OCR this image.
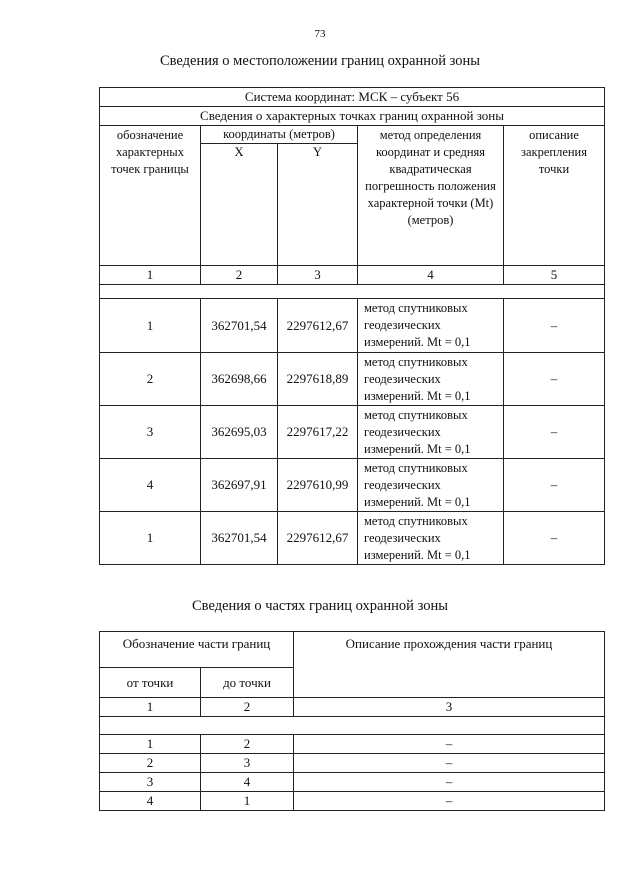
73
Сведения о местоположении границ охранной зоны
Система координат: МСК – субъект 56				
Сведения о характерных точках границ охранной зоны				
обозначение характерных точек границы	координаты (метров)		метод определения координат и средняя квадратическая погрешность положения характерной точки (Mt) (метров)	описание закрепления точки
	X	Y		
1	2	3	4	5

1	362701,54	2297612,67	метод спутниковых геодезических измерений. Mt = 0,1	–
2	362698,66	2297618,89	метод спутниковых геодезических измерений. Mt = 0,1	–
3	362695,03	2297617,22	метод спутниковых геодезических измерений. Mt = 0,1	–
4	362697,91	2297610,99	метод спутниковых геодезических измерений. Mt = 0,1	–
1	362701,54	2297612,67	метод спутниковых геодезических измерений. Mt = 0,1	–
Сведения о частях границ охранной зоны
Обозначение части границ		Описание прохождения части границ
от точки	до точки	
1	2	3

1	2	–
2	3	–
3	4	–
4	1	–
